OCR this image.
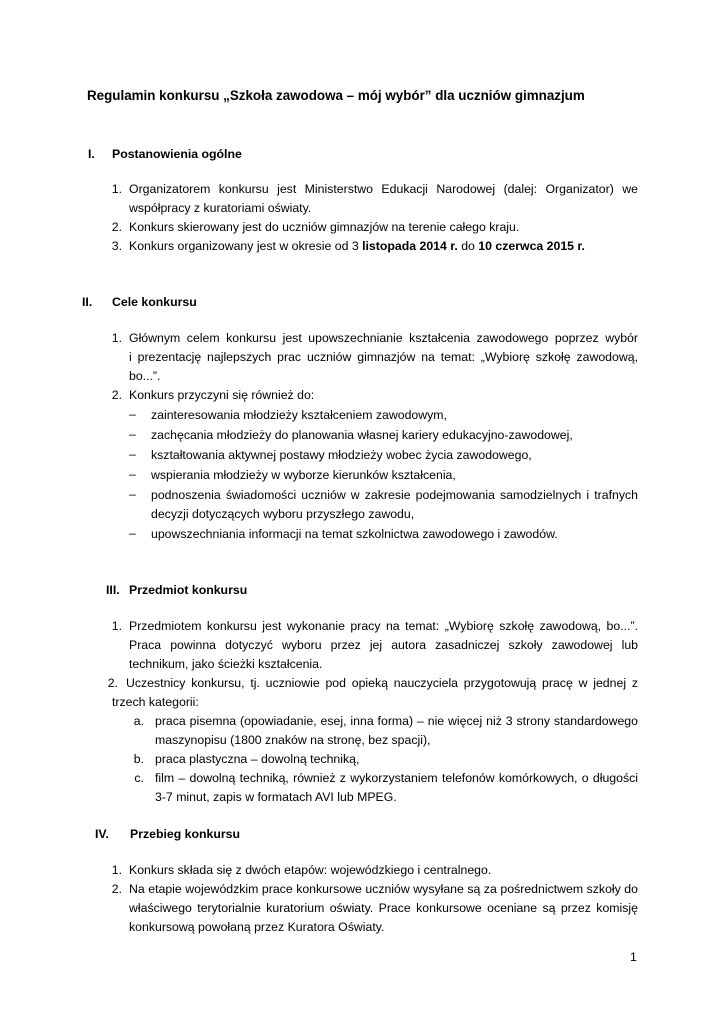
Regulamin konkursu „Szkoła zawodowa – mój wybór” dla uczniów gimnazjum

I. Postanowienia ogólne
1. Organizatorem konkursu jest Ministerstwo Edukacji Narodowej (dalej: Organizator) we
współpracy z kuratoriami oświaty.
2. Konkurs skierowany jest do uczniów gimnazjów na terenie całego kraju.
3. Konkurs organizowany jest w okresie od 3 listopada 2014 r. do 10 czerwca 2015 r.
II. Cele konkursu
1. Głównym celem konkursu jest upowszechnianie kształcenia zawodowego poprzez wybór
i prezentację najlepszych prac uczniów gimnazjów na temat: „Wybiorę szkołę zawodową,
bo...”.
2. Konkurs przyczyni się również do:
– zainteresowania młodzieży kształceniem zawodowym,
– zachęcania młodzieży do planowania własnej kariery edukacyjno-zawodowej,
– kształtowania aktywnej postawy młodzieży wobec życia zawodowego,
– wspierania młodzieży w wyborze kierunków kształcenia,
– podnoszenia świadomości uczniów w zakresie podejmowania samodzielnych i trafnych
decyzji dotyczących wyboru przyszłego zawodu,
– upowszechniania informacji na temat szkolnictwa zawodowego i zawodów.
III. Przedmiot konkursu
1. Przedmiotem konkursu jest wykonanie pracy na temat: „Wybiorę szkołę zawodową, bo...”.
Praca powinna dotyczyć wyboru przez jej autora zasadniczej szkoły zawodowej lub
technikum, jako ścieżki kształcenia.
2. Uczestnicy konkursu, tj. uczniowie pod opieką nauczyciela przygotowują pracę w jednej z
trzech kategorii:
a. praca pisemna (opowiadanie, esej, inna forma) – nie więcej niż 3 strony standardowego
maszynopisu (1800 znaków na stronę, bez spacji),
b. praca plastyczna – dowolną techniką,
c. film – dowolną techniką, również z wykorzystaniem telefonów komórkowych, o długości
3-7 minut, zapis w formatach AVI lub MPEG.
IV. Przebieg konkursu
1. Konkurs składa się z dwóch etapów: wojewódzkiego i centralnego.
2. Na etapie wojewódzkim prace konkursowe uczniów wysyłane są za pośrednictwem szkoły do
właściwego terytorialnie kuratorium oświaty. Prace konkursowe oceniane są przez komisję
konkursową powołaną przez Kuratora Oświaty.
1
